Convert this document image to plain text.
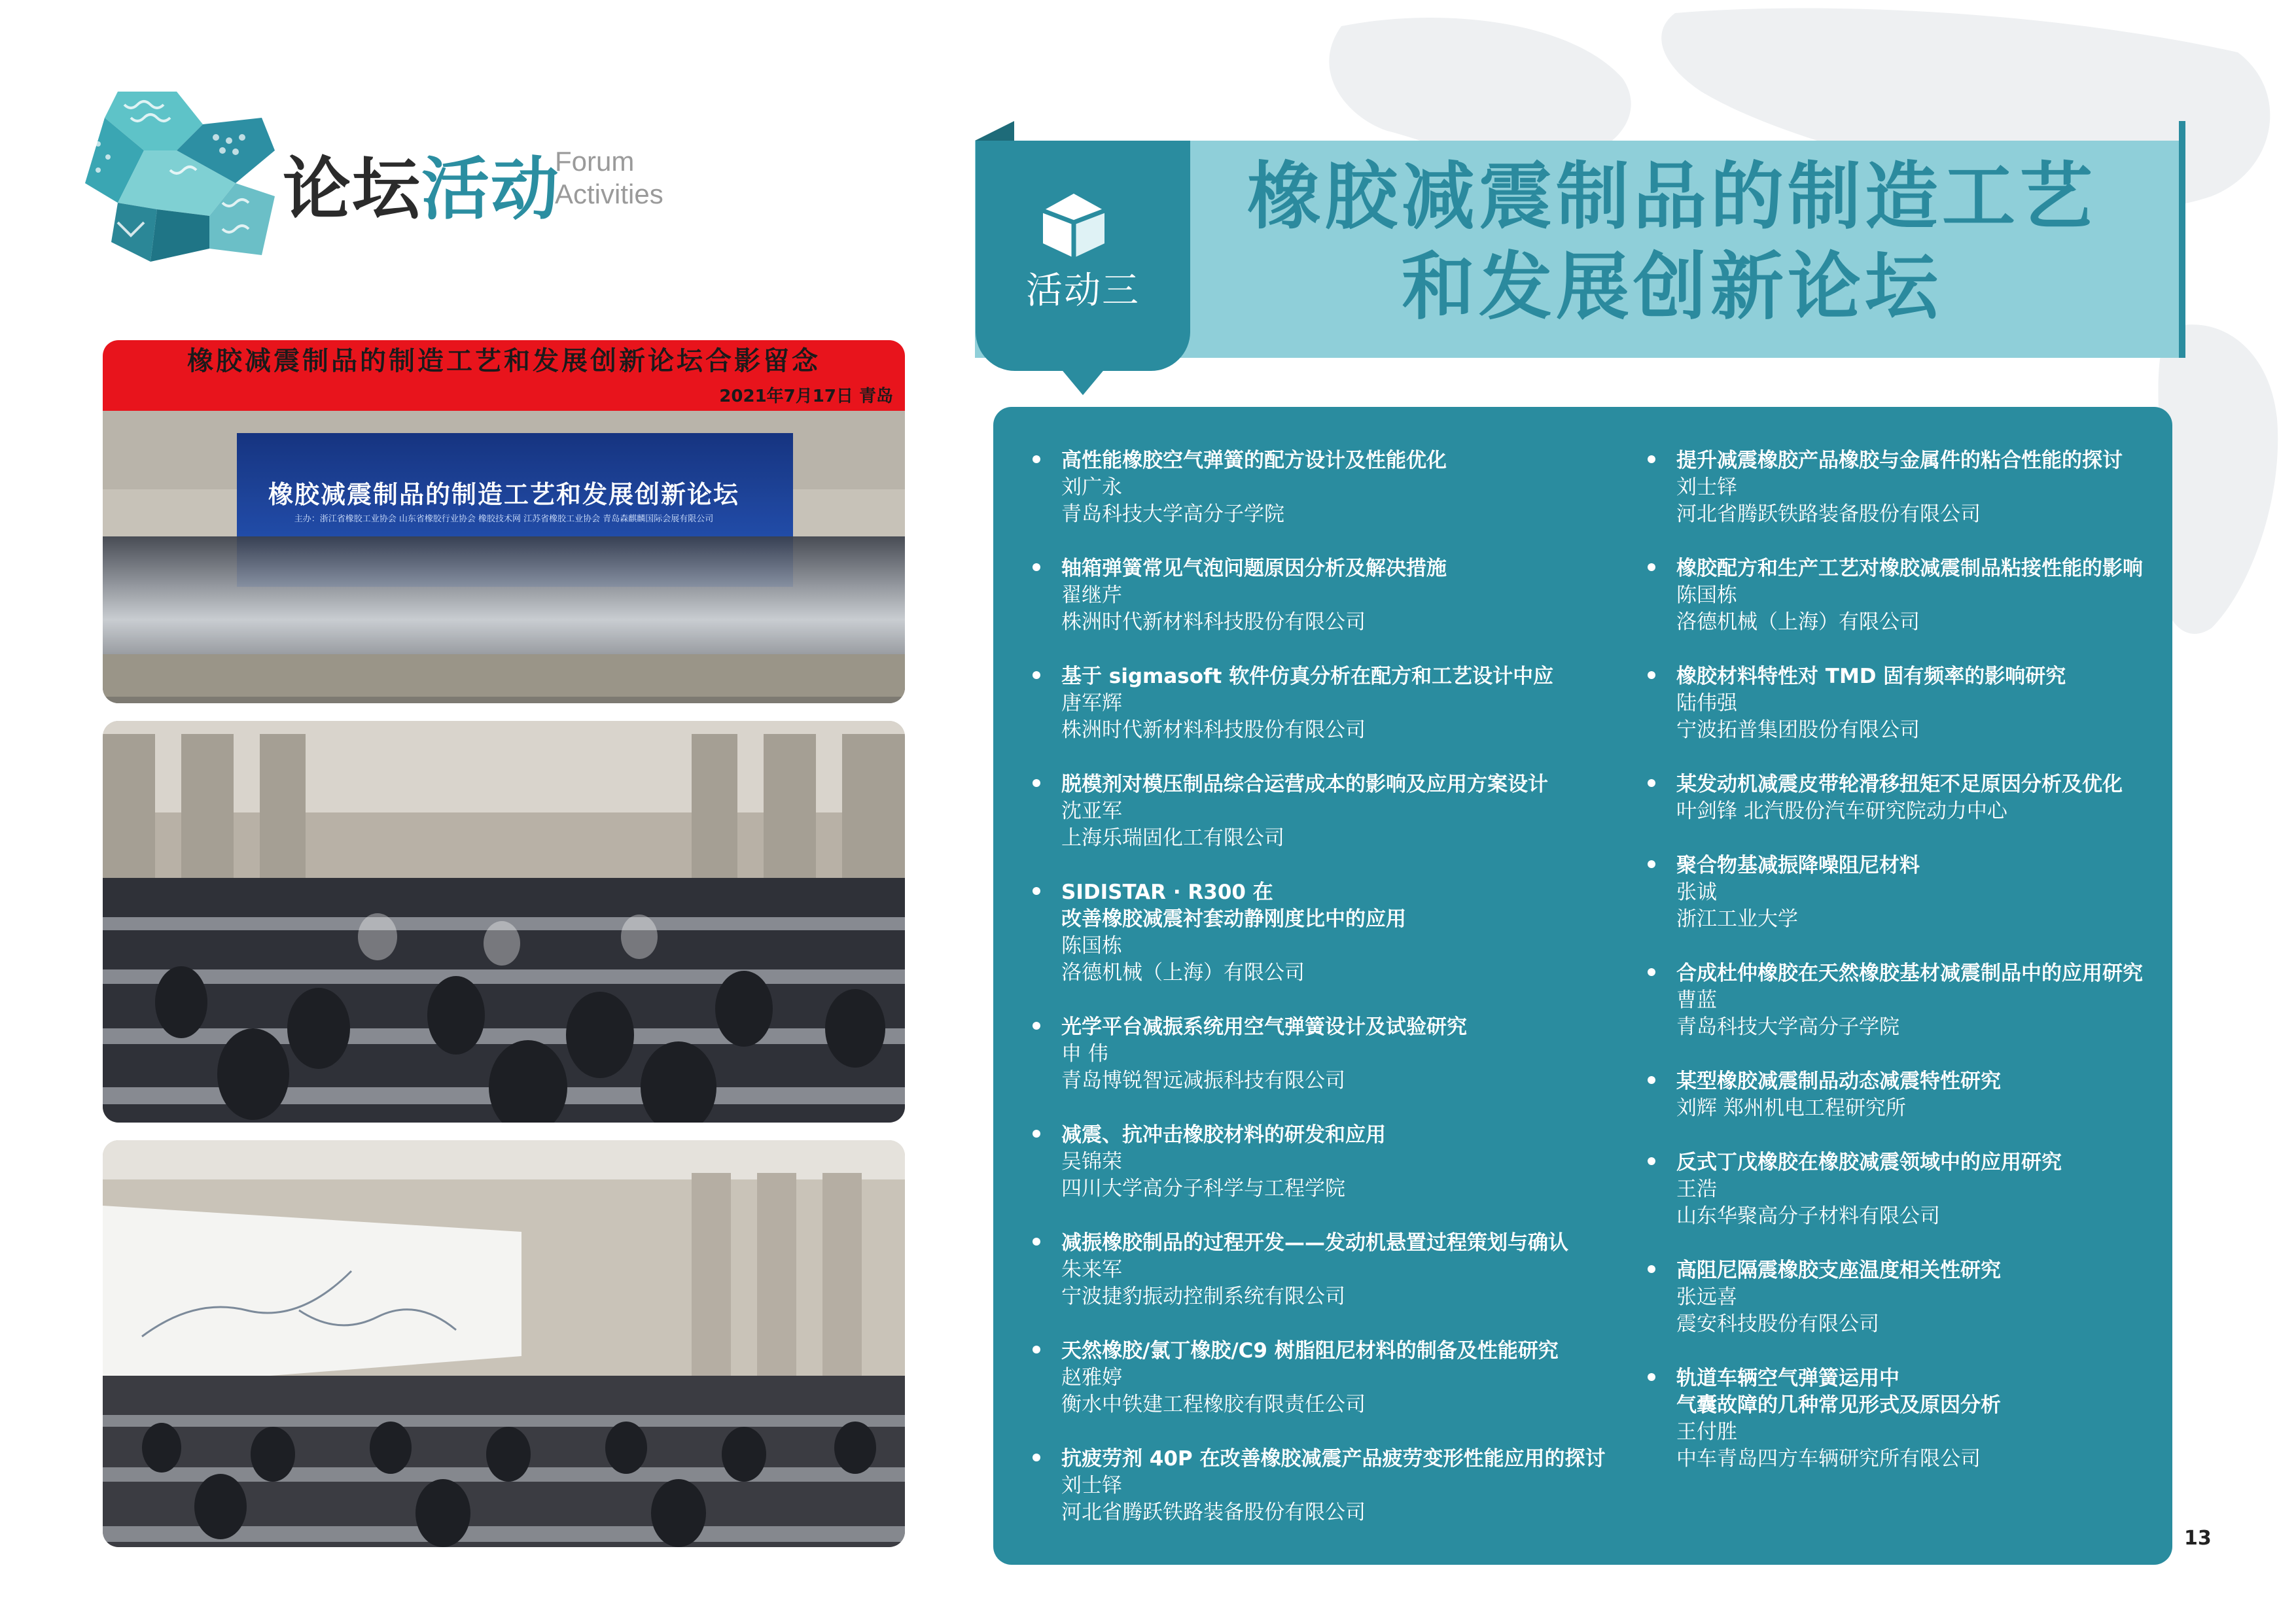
论坛活动
Forum
Activities
橡胶减震制品的制造工艺和发展创新论坛合影留念
2021年7月17日 青岛
橡胶减震制品的制造工艺和发展创新论坛
主办：浙江省橡胶工业协会 山东省橡胶行业协会 橡胶技术网 江苏省橡胶工业协会 青岛森麒麟国际会展有限公司
活动三
橡胶减震制品的制造工艺
和发展创新论坛
高性能橡胶空气弹簧的配方设计及性能优化
刘广永
青岛科技大学高分子学院
轴箱弹簧常见气泡问题原因分析及解决措施
翟继芹
株洲时代新材料科技股份有限公司
基于 sigmasoft 软件仿真分析在配方和工艺设计中应
唐军辉
株洲时代新材料科技股份有限公司
脱模剂对模压制品综合运营成本的影响及应用方案设计
沈亚军
上海乐瑞固化工有限公司
SIDISTAR · R300 在
改善橡胶减震衬套动静刚度比中的应用
陈国栋
洛德机械（上海）有限公司
光学平台减振系统用空气弹簧设计及试验研究
申 伟
青岛博锐智远减振科技有限公司
减震、抗冲击橡胶材料的研发和应用
吴锦荣
四川大学高分子科学与工程学院
减振橡胶制品的过程开发——发动机悬置过程策划与确认
朱来军
宁波捷豹振动控制系统有限公司
天然橡胶/氯丁橡胶/C9 树脂阻尼材料的制备及性能研究
赵雅婷
衡水中铁建工程橡胶有限责任公司
抗疲劳剂 40P 在改善橡胶减震产品疲劳变形性能应用的探讨
刘士铎
河北省腾跃铁路装备股份有限公司
提升减震橡胶产品橡胶与金属件的粘合性能的探讨
刘士铎
河北省腾跃铁路装备股份有限公司
橡胶配方和生产工艺对橡胶减震制品粘接性能的影响
陈国栋
洛德机械（上海）有限公司
橡胶材料特性对 TMD 固有频率的影响研究
陆伟强
宁波拓普集团股份有限公司
某发动机减震皮带轮滑移扭矩不足原因分析及优化
叶剑锋 北汽股份汽车研究院动力中心
聚合物基减振降噪阻尼材料
张诚
浙江工业大学
合成杜仲橡胶在天然橡胶基材减震制品中的应用研究
曹蓝
青岛科技大学高分子学院
某型橡胶减震制品动态减震特性研究
刘辉 郑州机电工程研究所
反式丁戊橡胶在橡胶减震领域中的应用研究
王浩
山东华聚高分子材料有限公司
高阻尼隔震橡胶支座温度相关性研究
张远喜
震安科技股份有限公司
轨道车辆空气弹簧运用中
气囊故障的几种常见形式及原因分析
王付胜
中车青岛四方车辆研究所有限公司
13
